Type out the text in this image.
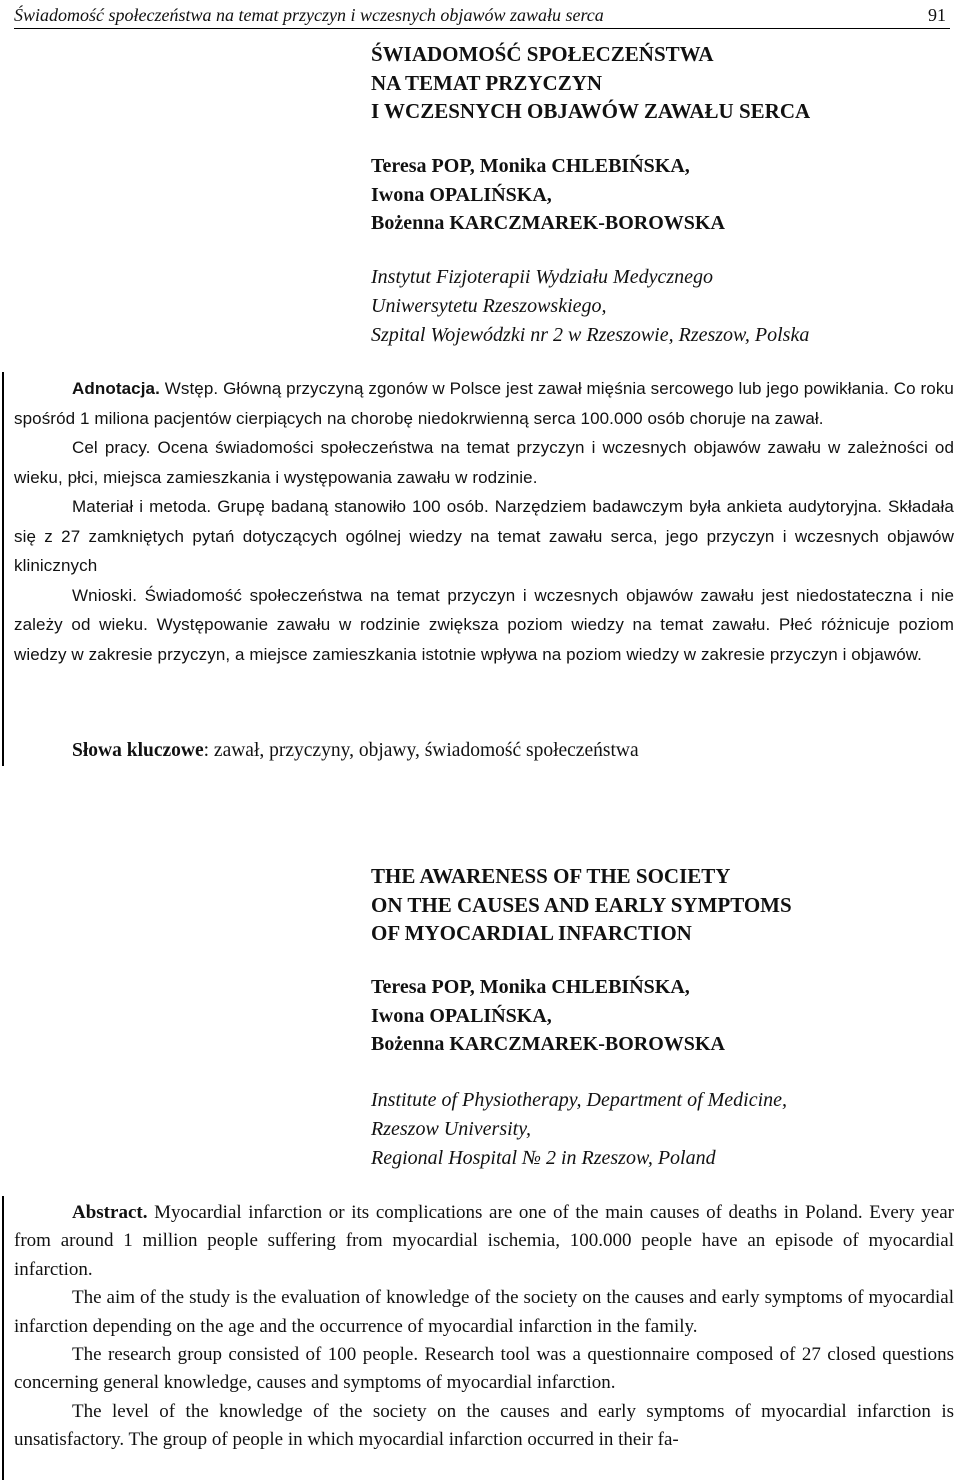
Świadomość społeczeństwa na temat przyczyn i wczesnych objawów zawału serca	91
ŚWIADOMOŚĆ SPOŁECZEŃSTWA
NA TEMAT PRZYCZYN
I WCZESNYCH OBJAWÓW ZAWAŁU SERCA
Teresa POP, Monika CHLEBIŃSKA,
Iwona OPALIŃSKA,
Bożenna KARCZMAREK-BOROWSKA
Instytut Fizjoterapii Wydziału Medycznego
Uniwersytetu Rzeszowskiego,
Szpital Wojewódzki nr 2 w Rzeszowie, Rzeszow, Polska

Adnotacja. Wstęp. Główną przyczyną zgonów w Polsce jest zawał mięśnia sercowego lub jego powikłania. Co roku spośród 1 miliona pacjentów cierpiących na chorobę niedokrwienną serca 100.000 osób choruje na zawał.

Cel pracy. Ocena świadomości społeczeństwa na temat przyczyn i wczesnych objawów zawału w zależności od wieku, płci, miejsca zamieszkania i występowania zawału w rodzinie.

Materiał i metoda. Grupę badaną stanowiło 100 osób. Narzędziem badawczym była ankieta audytoryjna. Składała się z 27 zamkniętych pytań dotyczących ogólnej wiedzy na temat zawału serca, jego przyczyn i wczesnych objawów klinicznych

Wnioski. Świadomość społeczeństwa na temat przyczyn i wczesnych objawów zawału jest niedostateczna i nie zależy od wieku. Występowanie zawału w rodzinie zwiększa poziom wiedzy na temat zawału. Płeć różnicuje poziom wiedzy w zakresie przyczyn, a miejsce zamieszkania istotnie wpływa na poziom wiedzy w zakresie przyczyn i objawów.

Słowa kluczowe: zawał, przyczyny, objawy, świadomość społeczeństwa
THE AWARENESS OF THE SOCIETY
ON THE CAUSES AND EARLY SYMPTOMS
OF MYOCARDIAL INFARCTION
Teresa POP, Monika CHLEBIŃSKA,
Iwona OPALIŃSKA,
Bożenna KARCZMAREK-BOROWSKA
Institute of Physiotherapy, Department of Medicine,
Rzeszow University,
Regional Hospital № 2 in Rzeszow, Poland

Abstract. Myocardial infarction or its complications are one of the main causes of deaths in Poland. Every year from around 1 million people suffering from myocardial ischemia, 100.000 people have an episode of myocardial infarction.

The aim of the study is the evaluation of knowledge of the society on the causes and early symptoms of myocardial infarction depending on the age and the occurrence of myocardial infarction in the family.

The research group consisted of 100 people. Research tool was a questionnaire composed of 27 closed questions concerning general knowledge, causes and symptoms of myocardial infarction.

The level of the knowledge of the society on the causes and early symptoms of myocardial infarction is unsatisfactory. The group of people in which myocardial infarction occurred in their fa-
